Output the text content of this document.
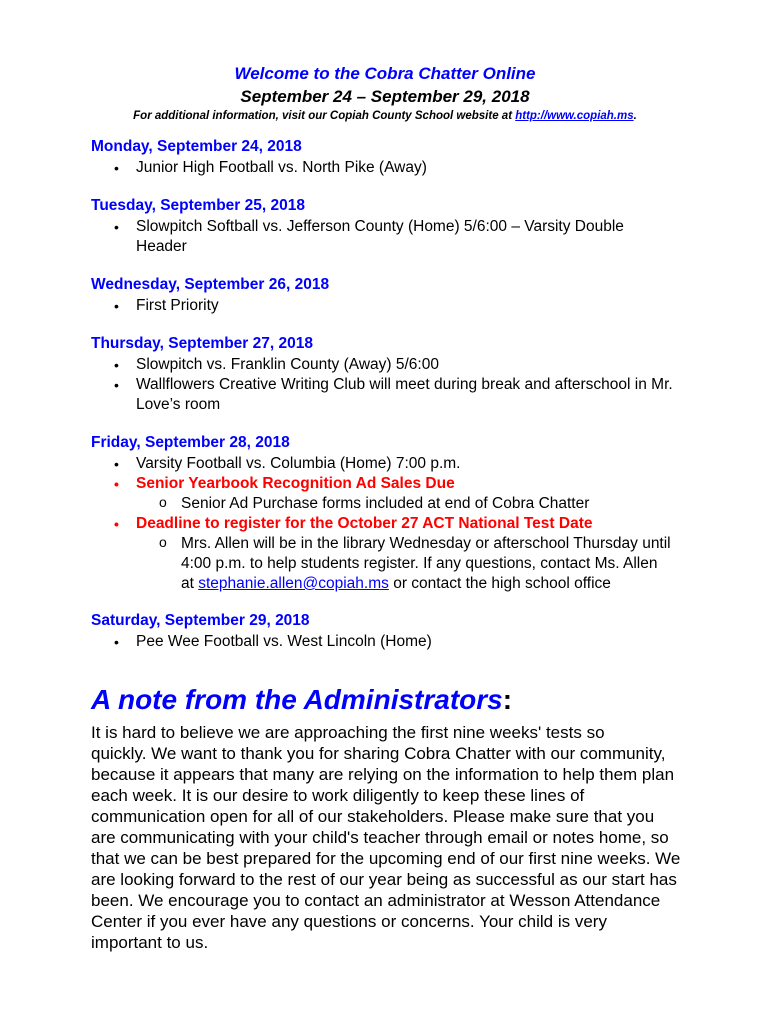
Welcome to the Cobra Chatter Online
September 24 – September 29, 2018
For additional information, visit our Copiah County School website at http://www.copiah.ms.
Monday, September 24, 2018
• Junior High Football vs. North Pike (Away)
Tuesday, September 25, 2018
• Slowpitch Softball vs. Jefferson County (Home) 5/6:00 – Varsity Double
Header
Wednesday, September 26, 2018
• First Priority
Thursday, September 27, 2018
• Slowpitch vs. Franklin County (Away) 5/6:00
• Wallflowers Creative Writing Club will meet during break and afterschool in Mr.
Love’s room
Friday, September 28, 2018
• Varsity Football vs. Columbia (Home) 7:00 p.m.
• Senior Yearbook Recognition Ad Sales Due
o Senior Ad Purchase forms included at end of Cobra Chatter
• Deadline to register for the October 27 ACT National Test Date
o Mrs. Allen will be in the library Wednesday or afterschool Thursday until
4:00 p.m. to help students register. If any questions, contact Ms. Allen
at stephanie.allen@copiah.ms or contact the high school office
Saturday, September 29, 2018
• Pee Wee Football vs. West Lincoln (Home)
A note from the Administrators:
It is hard to believe we are approaching the first nine weeks' tests so
quickly. We want to thank you for sharing Cobra Chatter with our community,
because it appears that many are relying on the information to help them plan
each week. It is our desire to work diligently to keep these lines of
communication open for all of our stakeholders. Please make sure that you
are communicating with your child's teacher through email or notes home, so
that we can be best prepared for the upcoming end of our first nine weeks. We
are looking forward to the rest of our year being as successful as our start has
been. We encourage you to contact an administrator at Wesson Attendance
Center if you ever have any questions or concerns. Your child is very
important to us.
